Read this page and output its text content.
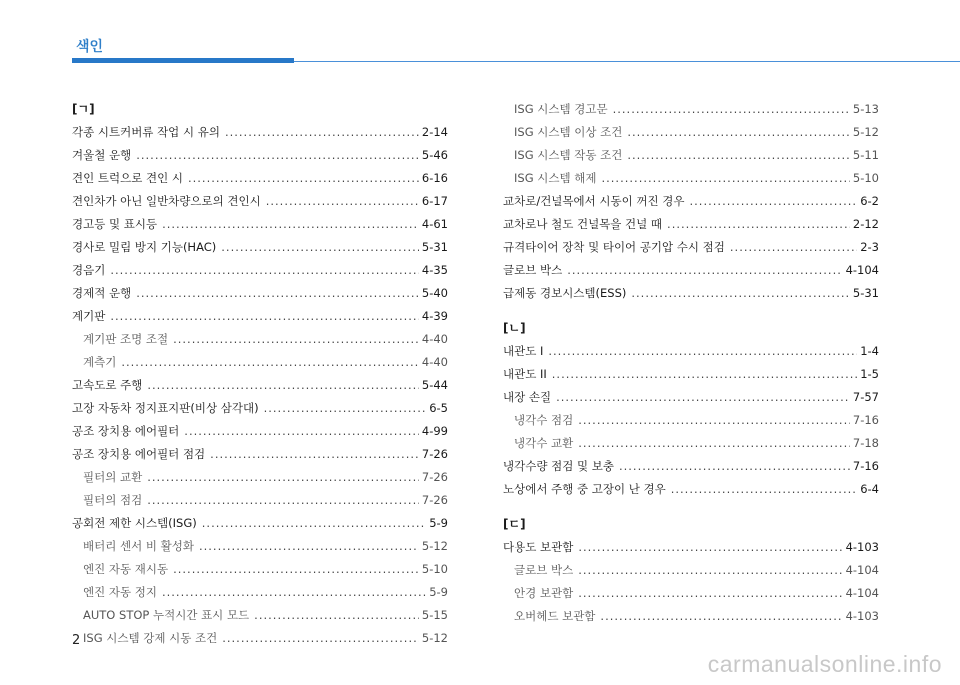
색인
[ㄱ]
각종 시트커버류 작업 시 유의 .....	2-14
겨울철 운행 .....	5-46
견인 트럭으로 견인 시 .....	6-16
견인차가 아닌 일반차량으로의 견인시 .....	6-17
경고등 및 표시등 .....	4-61
경사로 밀림 방지 기능(HAC) .....	5-31
경음기 .....	4-35
경제적 운행 .....	5-40
계기판 .....	4-39
계기판 조명 조절 .....	4-40
계측기 .....	4-40
고속도로 주행 .....	5-44
고장 자동차 정지표지판(비상 삼각대) .....	6-5
공조 장치용 에어필터 .....	4-99
공조 장치용 에어필터 점검 .....	7-26
필터의 교환 .....	7-26
필터의 점검 .....	7-26
공회전 제한 시스템(ISG) .....	5-9
배터리 센서 비 활성화 .....	5-12
엔진 자동 재시동 .....	5-10
엔진 자동 정지 .....	5-9
AUTO STOP 누적시간 표시 모드 .....	5-15
ISG 시스템 강제 시동 조건 .....	5-12
ISG 시스템 경고문 .....	5-13
ISG 시스템 이상 조건 .....	5-12
ISG 시스템 작동 조건 .....	5-11
ISG 시스템 해제 .....	5-10
교차로/건널목에서 시동이 꺼진 경우 .....	6-2
교차로나 철도 건널목을 건널 때 .....	2-12
규격타이어 장착 및 타이어 공기압 수시 점검 .....	2-3
글로브 박스 .....	4-104
급제동 경보시스템(ESS) .....	5-31
[ㄴ]
내관도 I .....	1-4
내관도 II .....	1-5
내장 손질 .....	7-57
냉각수 점검 .....	7-16
냉각수 교환 .....	7-18
냉각수량 점검 및 보충 .....	7-16
노상에서 주행 중 고장이 난 경우 .....	6-4
[ㄷ]
다용도 보관함 .....	4-103
글로브 박스 .....	4-104
안경 보관함 .....	4-104
오버헤드 보관함 .....	4-103
2
carmanualsonline.info
